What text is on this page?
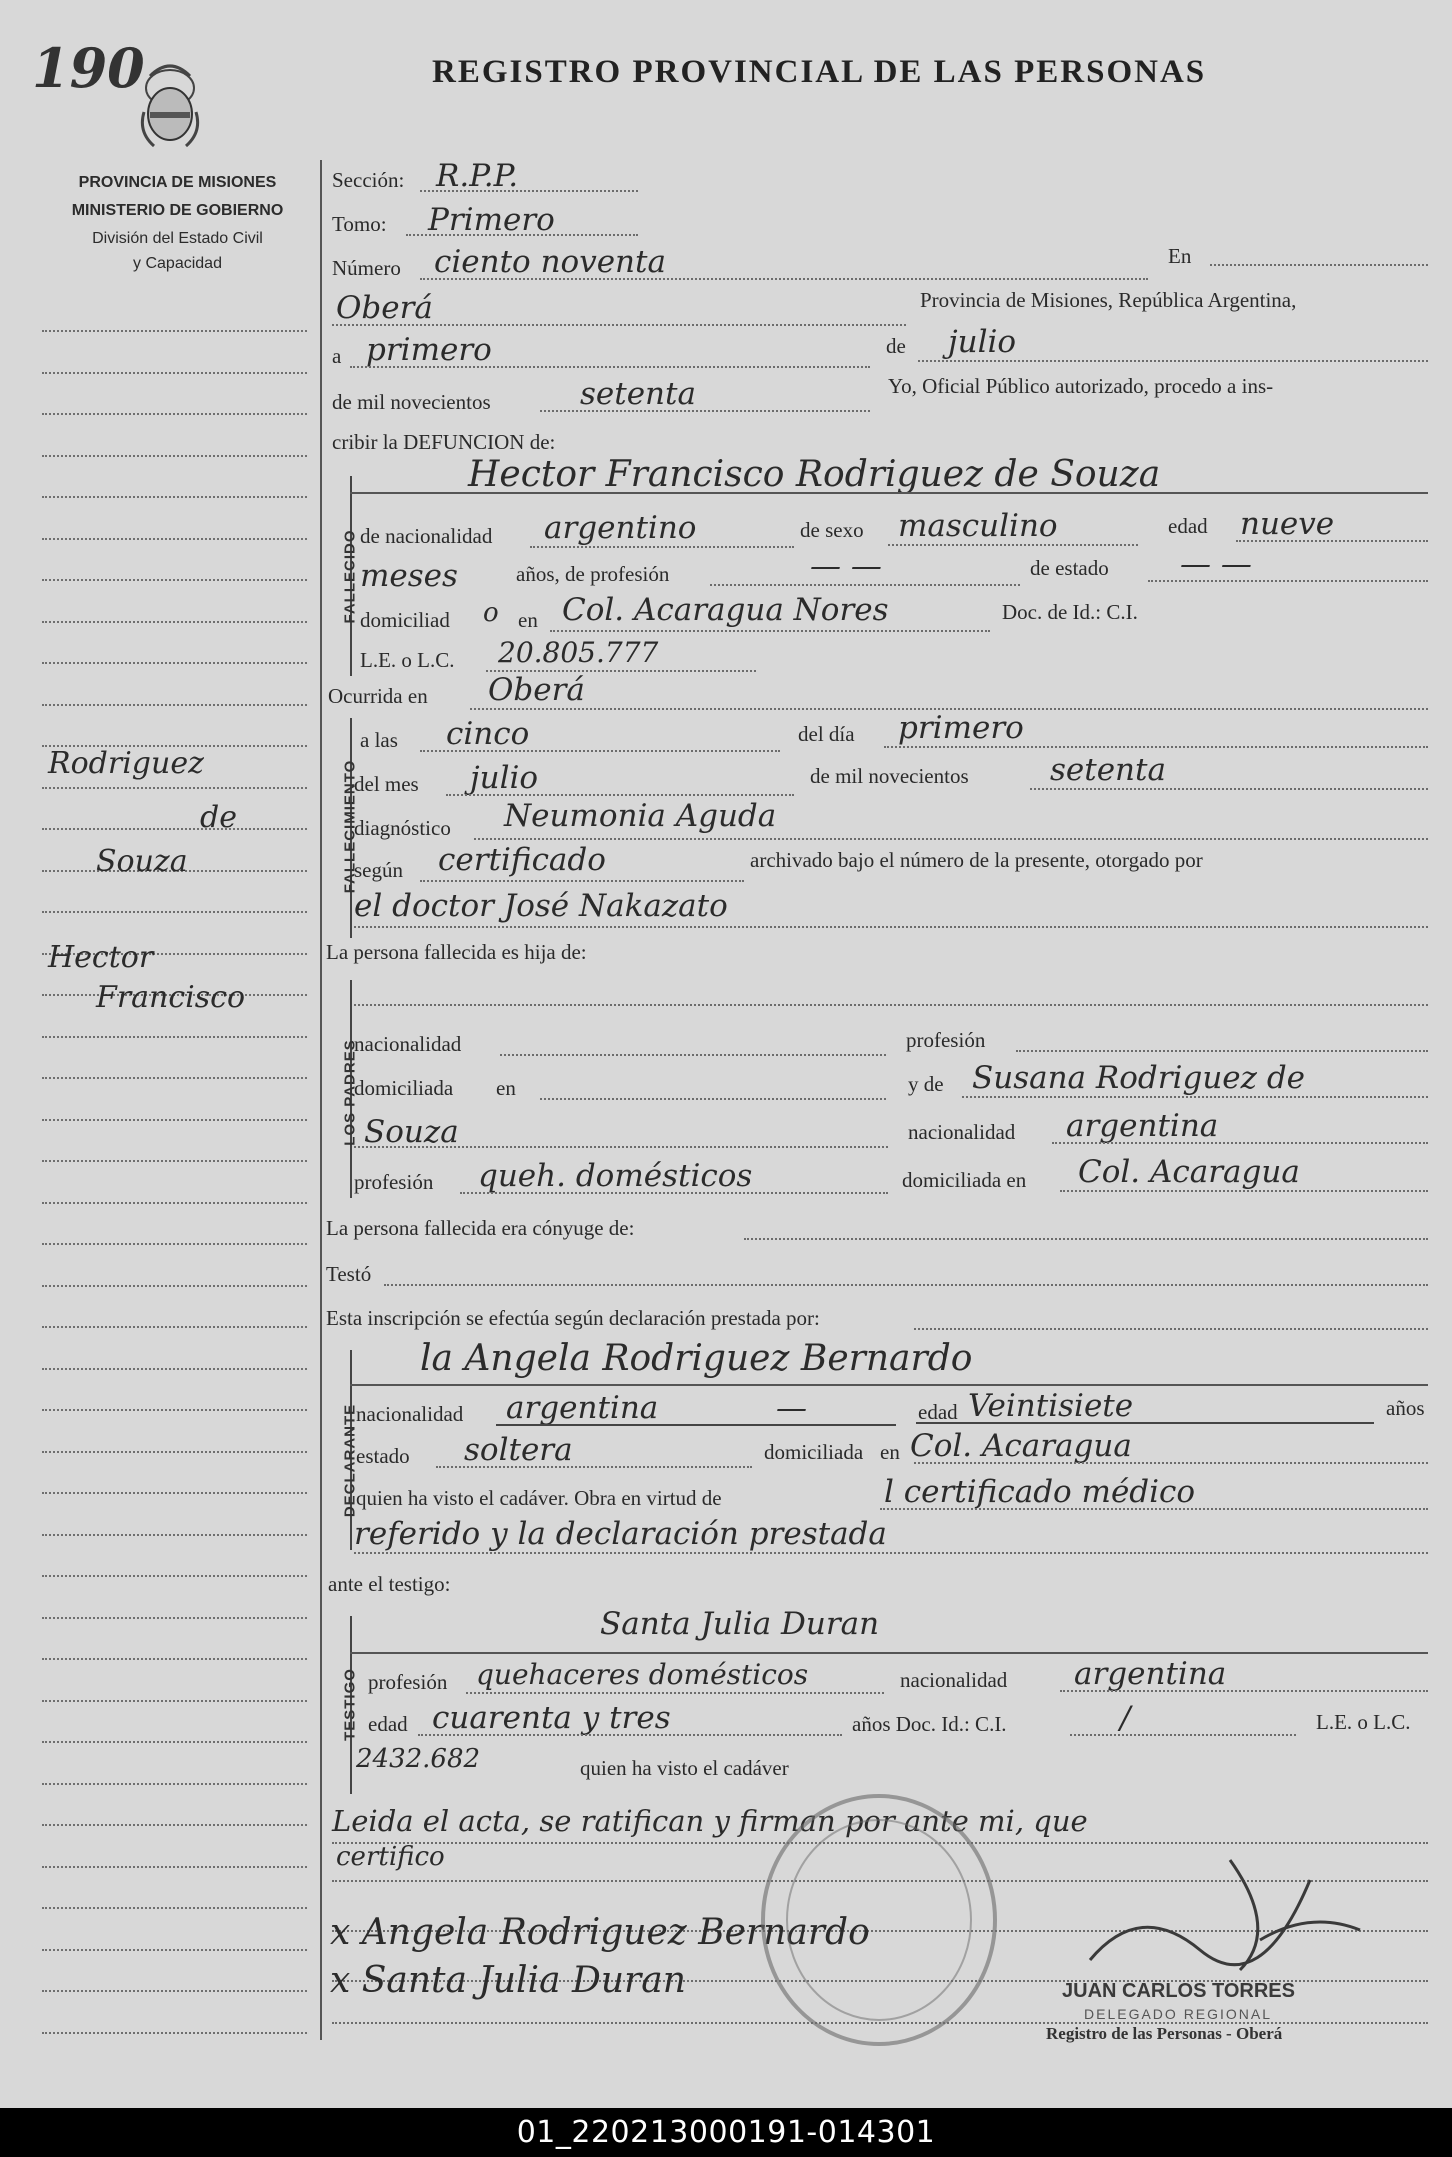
190	REGISTRO PROVINCIAL DE LAS PERSONAS
PROVINCIA DE MISIONES
MINISTERIO DE GOBIERNO
División del Estado Civil
y Capacidad
Rodriguez
de
Souza
Hector
Francisco
Sección: R.P.P.
Tomo: Primero
Número ciento noventa	En
Oberá	Provincia de Misiones, República Argentina,
a primero	de julio
de mil novecientos	setenta	Yo, Oficial Público autorizado, procedo a ins-
cribir la DEFUNCION de:
FALLECIDO
Hector Francisco Rodriguez de Souza
de nacionalidad argentino	de sexo masculino	edad nueve
meses	años, de profesión	— —	de estado — —
domiciliad o en Col. Acaragua Nores	Doc. de Id.: C.I.
L.E. o L.C. 20.805.777
Ocurrida en Oberá
FALLECIMIENTO
a las cinco	del día primero
del mes julio	de mil novecientos	setenta
diagnóstico Neumonia Aguda
según certificado	archivado bajo el número de la presente, otorgado por
el doctor José Nakazato
La persona fallecida es hija de:
LOS PADRES
nacionalidad	profesión
domiciliada en	y de Susana Rodriguez de
Souza	nacionalidad argentina
profesión queh. domésticos	domiciliada en Col. Acaragua
La persona fallecida era cónyuge de:
Testó
Esta inscripción se efectúa según declaración prestada por:
DECLARANTE
la Angela Rodriguez Bernardo
nacionalidad argentina	—	edad Veintisiete	años
estado soltera	domiciliada en Col. Acaragua
quien ha visto el cadáver. Obra en virtud de	l certificado médico
referido y la declaración prestada
ante el testigo:
TESTIGO
Santa Julia Duran
profesión quehaceres domésticos	nacionalidad argentina
edad cuarenta y tres	años Doc. Id.: C.I.	/	L.E. o L.C.
2432.682	quien ha visto el cadáver
Leida el acta, se ratifican y firman por ante mi, que
certifico
x Angela Rodriguez Bernardo
x Santa Julia Duran	JUAN CARLOS TORRES
DELEGADO REGIONAL
Registro de las Personas - Oberá
01_220213000191-014301
